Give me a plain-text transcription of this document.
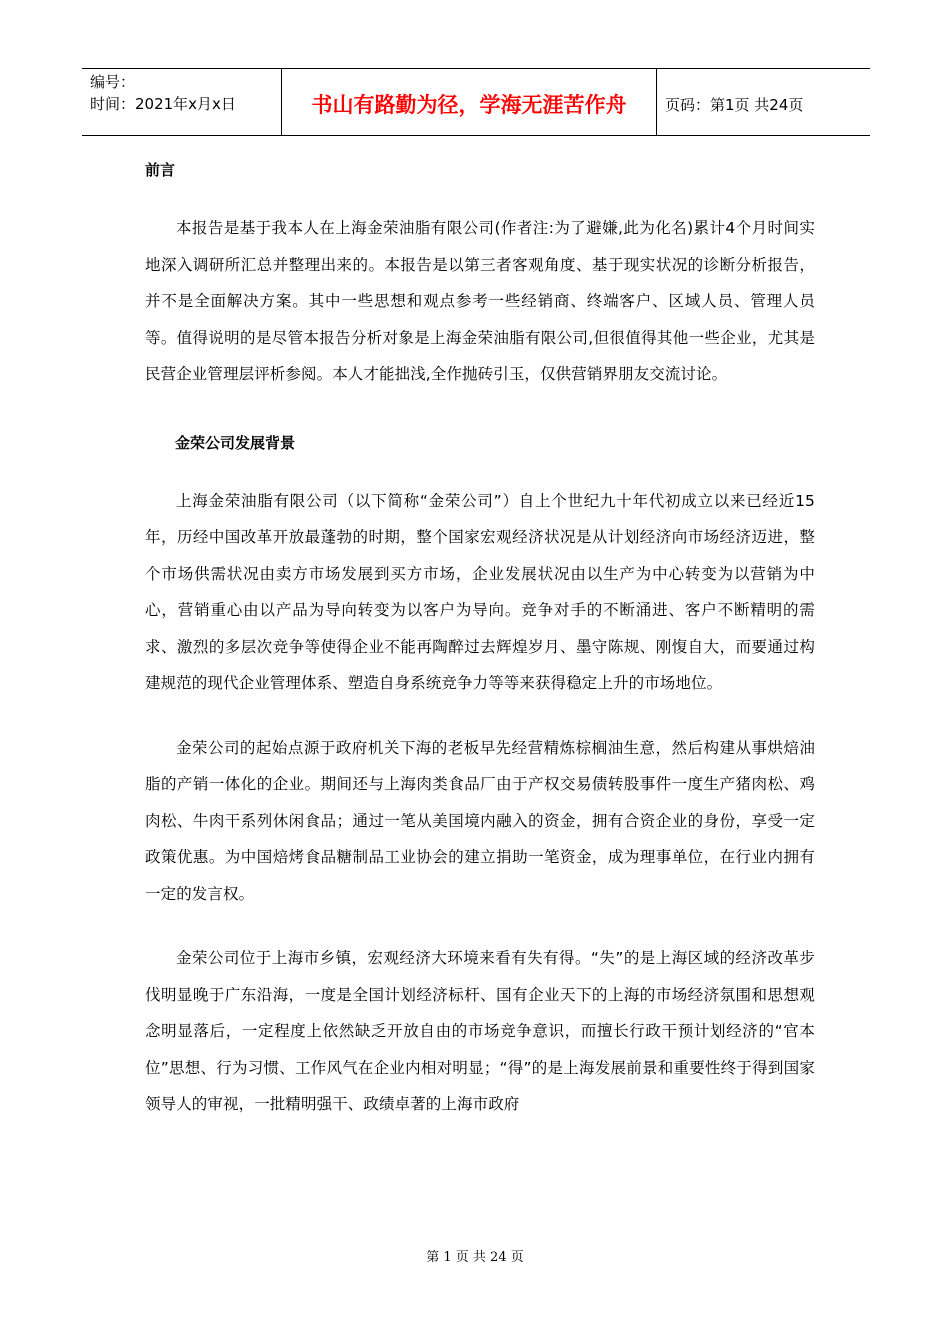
编号：
时间：2021年x月x日	书山有路勤为径，学海无涯苦作舟	页码：第1页 共24页
前言

本报告是基于我本人在上海金荣油脂有限公司(作者注:为了避嫌,此为化名)累计4个月时间实地深入调研所汇总并整理出来的。本报告是以第三者客观角度、基于现实状况的诊断分析报告，并不是全面解决方案。其中一些思想和观点参考一些经销商、终端客户、区域人员、管理人员等。值得说明的是尽管本报告分析对象是上海金荣油脂有限公司,但很值得其他一些企业，尤其是民营企业管理层评析参阅。本人才能拙浅,全作抛砖引玉，仅供营销界朋友交流讨论。

金荣公司发展背景

上海金荣油脂有限公司（以下简称“金荣公司”）自上个世纪九十年代初成立以来已经近15年，历经中国改革开放最蓬勃的时期，整个国家宏观经济状况是从计划经济向市场经济迈进，整个市场供需状况由卖方市场发展到买方市场，企业发展状况由以生产为中心转变为以营销为中心，营销重心由以产品为导向转变为以客户为导向。竞争对手的不断涌进、客户不断精明的需求、激烈的多层次竞争等使得企业不能再陶醉过去辉煌岁月、墨守陈规、刚愎自大，而要通过构建规范的现代企业管理体系、塑造自身系统竞争力等等来获得稳定上升的市场地位。

金荣公司的起始点源于政府机关下海的老板早先经营精炼棕榈油生意，然后构建从事烘焙油脂的产销一体化的企业。期间还与上海肉类食品厂由于产权交易债转股事件一度生产猪肉松、鸡肉松、牛肉干系列休闲食品；通过一笔从美国境内融入的资金，拥有合资企业的身份，享受一定政策优惠。为中国焙烤食品糖制品工业协会的建立捐助一笔资金，成为理事单位，在行业内拥有一定的发言权。

金荣公司位于上海市乡镇，宏观经济大环境来看有失有得。“失”的是上海区域的经济改革步伐明显晚于广东沿海，一度是全国计划经济标杆、国有企业天下的上海的市场经济氛围和思想观念明显落后，一定程度上依然缺乏开放自由的市场竞争意识，而擅长行政干预计划经济的“官本位”思想、行为习惯、工作风气在企业内相对明显；“得”的是上海发展前景和重要性终于得到国家领导人的审视，一批精明强干、政绩卓著的上海市政府

第 1 页 共 24 页
